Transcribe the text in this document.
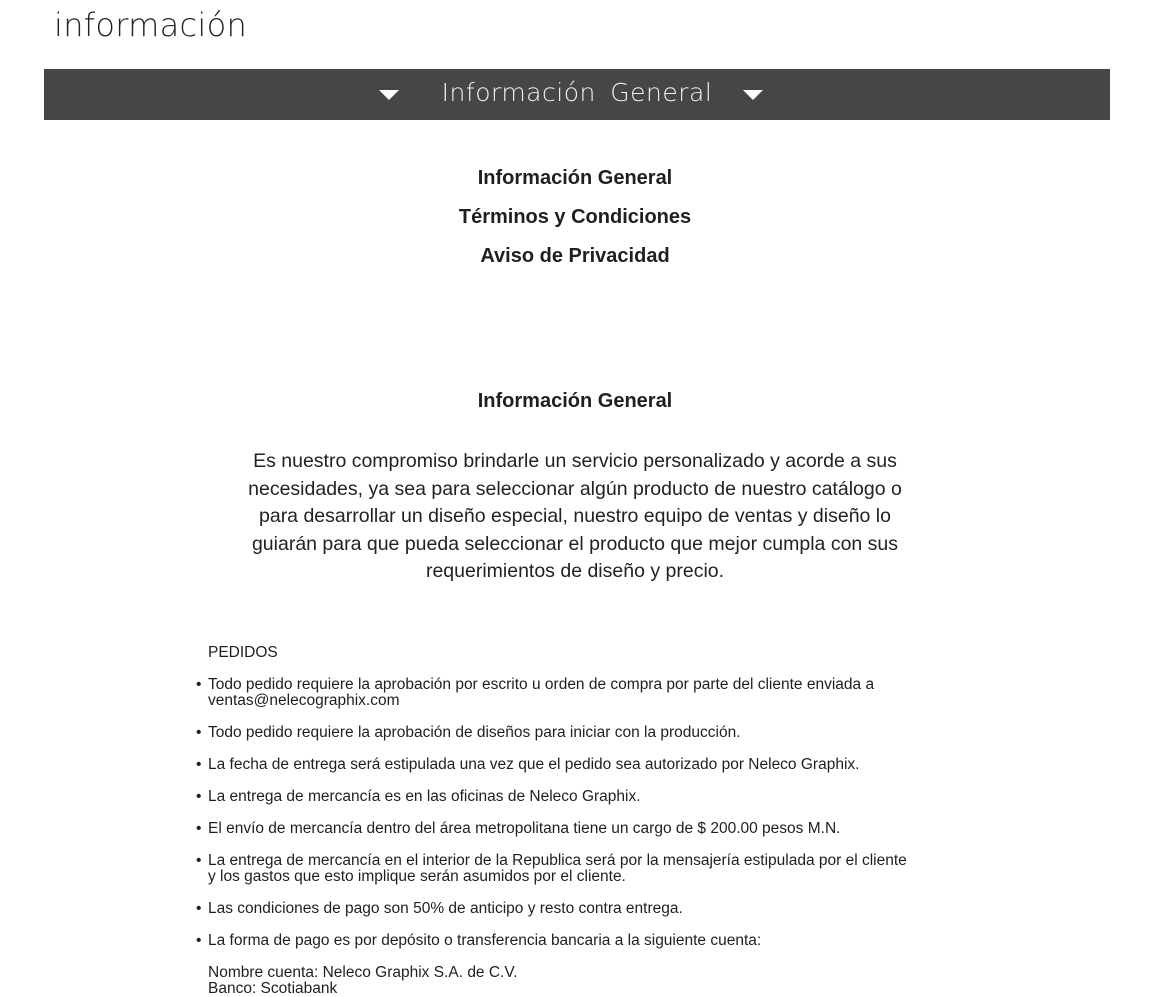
información
Información General
Información General
Términos y Condiciones
Aviso de Privacidad
Información General
Es nuestro compromiso brindarle un servicio personalizado y acorde a sus necesidades, ya sea para seleccionar algún producto de nuestro catálogo o para desarrollar un diseño especial, nuestro equipo de ventas y diseño lo guiarán para que pueda seleccionar el producto que mejor cumpla con sus requerimientos de diseño y precio.

PEDIDOS

• Todo pedido requiere la aprobación por escrito u orden de compra por parte del cliente enviada a ventas@nelecographix.com
• Todo pedido requiere la aprobación de diseños para iniciar con la producción.
• La fecha de entrega será estipulada una vez que el pedido sea autorizado por Neleco Graphix.
• La entrega de mercancía es en las oficinas de Neleco Graphix.
• El envío de mercancía dentro del área metropolitana tiene un cargo de $ 200.00 pesos M.N.
• La entrega de mercancía en el interior de la Republica será por la mensajería estipulada por el cliente y los gastos que esto implique serán asumidos por el cliente.
• Las condiciones de pago son 50% de anticipo y resto contra entrega.
• La forma de pago es por depósito o transferencia bancaria a la siguiente cuenta:

Nombre cuenta: Neleco Graphix S.A. de C.V.

Banco: Scotiabank
